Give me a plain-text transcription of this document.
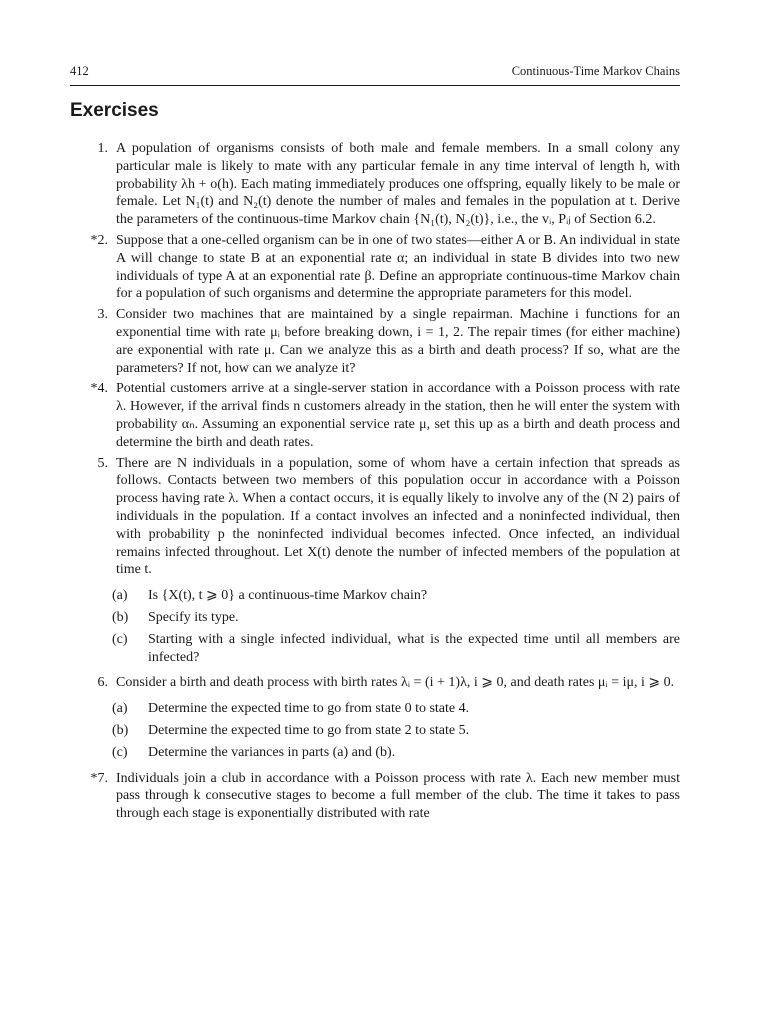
412	Continuous-Time Markov Chains
Exercises
1. A population of organisms consists of both male and female members. In a small colony any particular male is likely to mate with any particular female in any time interval of length h, with probability λh + o(h). Each mating immediately produces one offspring, equally likely to be male or female. Let N₁(t) and N₂(t) denote the number of males and females in the population at t. Derive the parameters of the continuous-time Markov chain {N₁(t), N₂(t)}, i.e., the vᵢ, Pᵢⱼ of Section 6.2.
*2. Suppose that a one-celled organism can be in one of two states—either A or B. An individual in state A will change to state B at an exponential rate α; an individual in state B divides into two new individuals of type A at an exponential rate β. Define an appropriate continuous-time Markov chain for a population of such organisms and determine the appropriate parameters for this model.
3. Consider two machines that are maintained by a single repairman. Machine i functions for an exponential time with rate μᵢ before breaking down, i = 1, 2. The repair times (for either machine) are exponential with rate μ. Can we analyze this as a birth and death process? If so, what are the parameters? If not, how can we analyze it?
*4. Potential customers arrive at a single-server station in accordance with a Poisson process with rate λ. However, if the arrival finds n customers already in the station, then he will enter the system with probability αₙ. Assuming an exponential service rate μ, set this up as a birth and death process and determine the birth and death rates.
5. There are N individuals in a population, some of whom have a certain infection that spreads as follows. Contacts between two members of this population occur in accordance with a Poisson process having rate λ. When a contact occurs, it is equally likely to involve any of the (N 2) pairs of individuals in the population. If a contact involves an infected and a noninfected individual, then with probability p the noninfected individual becomes infected. Once infected, an individual remains infected throughout. Let X(t) denote the number of infected members of the population at time t.
(a)	Is {X(t), t ⩾ 0} a continuous-time Markov chain?
(b)	Specify its type.
(c)	Starting with a single infected individual, what is the expected time until all members are infected?
6. Consider a birth and death process with birth rates λᵢ = (i + 1)λ, i ⩾ 0, and death rates μᵢ = iμ, i ⩾ 0.
(a)	Determine the expected time to go from state 0 to state 4.
(b)	Determine the expected time to go from state 2 to state 5.
(c)	Determine the variances in parts (a) and (b).
*7. Individuals join a club in accordance with a Poisson process with rate λ. Each new member must pass through k consecutive stages to become a full member of the club. The time it takes to pass through each stage is exponentially distributed with rate
